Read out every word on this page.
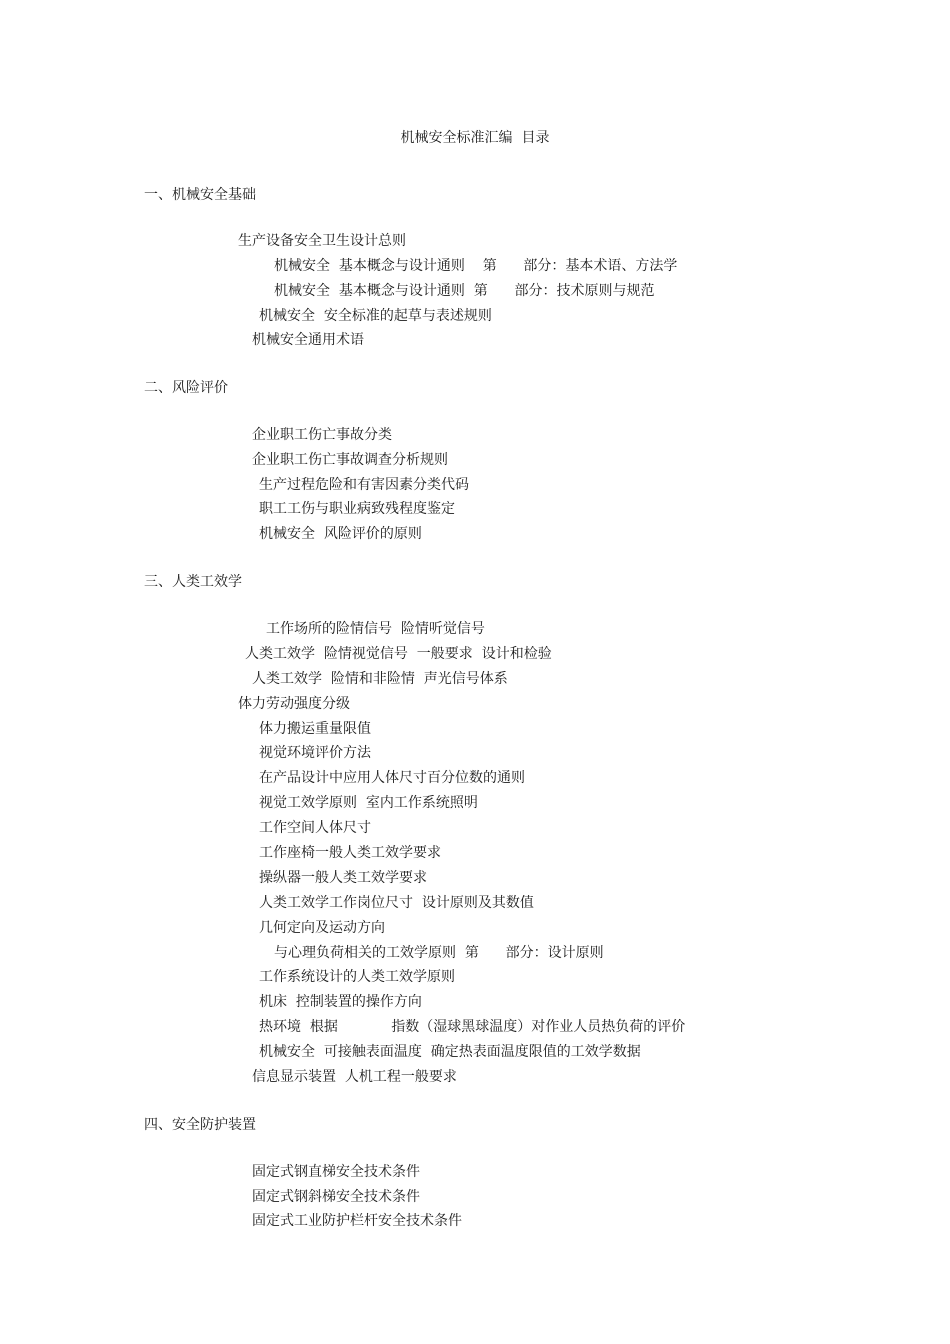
机械安全标准汇编  目录
一、机械安全基础
生产设备安全卫生设计总则
机械安全  基本概念与设计通则    第      部分：基本术语、方法学
机械安全  基本概念与设计通则  第      部分：技术原则与规范
机械安全  安全标准的起草与表述规则
机械安全通用术语
二、风险评价
企业职工伤亡事故分类
企业职工伤亡事故调查分析规则
生产过程危险和有害因素分类代码
职工工伤与职业病致残程度鉴定
机械安全  风险评价的原则
三、人类工效学
工作场所的险情信号  险情听觉信号
人类工效学  险情视觉信号  一般要求  设计和检验
人类工效学  险情和非险情  声光信号体系
体力劳动强度分级
体力搬运重量限值
视觉环境评价方法
在产品设计中应用人体尺寸百分位数的通则
视觉工效学原则  室内工作系统照明
工作空间人体尺寸
工作座椅一般人类工效学要求
操纵器一般人类工效学要求
人类工效学工作岗位尺寸  设计原则及其数值
几何定向及运动方向
与心理负荷相关的工效学原则  第      部分：设计原则
工作系统设计的人类工效学原则
机床  控制装置的操作方向
热环境  根据            指数（湿球黑球温度）对作业人员热负荷的评价
机械安全  可接触表面温度  确定热表面温度限值的工效学数据
信息显示装置  人机工程一般要求
四、安全防护装置
固定式钢直梯安全技术条件
固定式钢斜梯安全技术条件
固定式工业防护栏杆安全技术条件
